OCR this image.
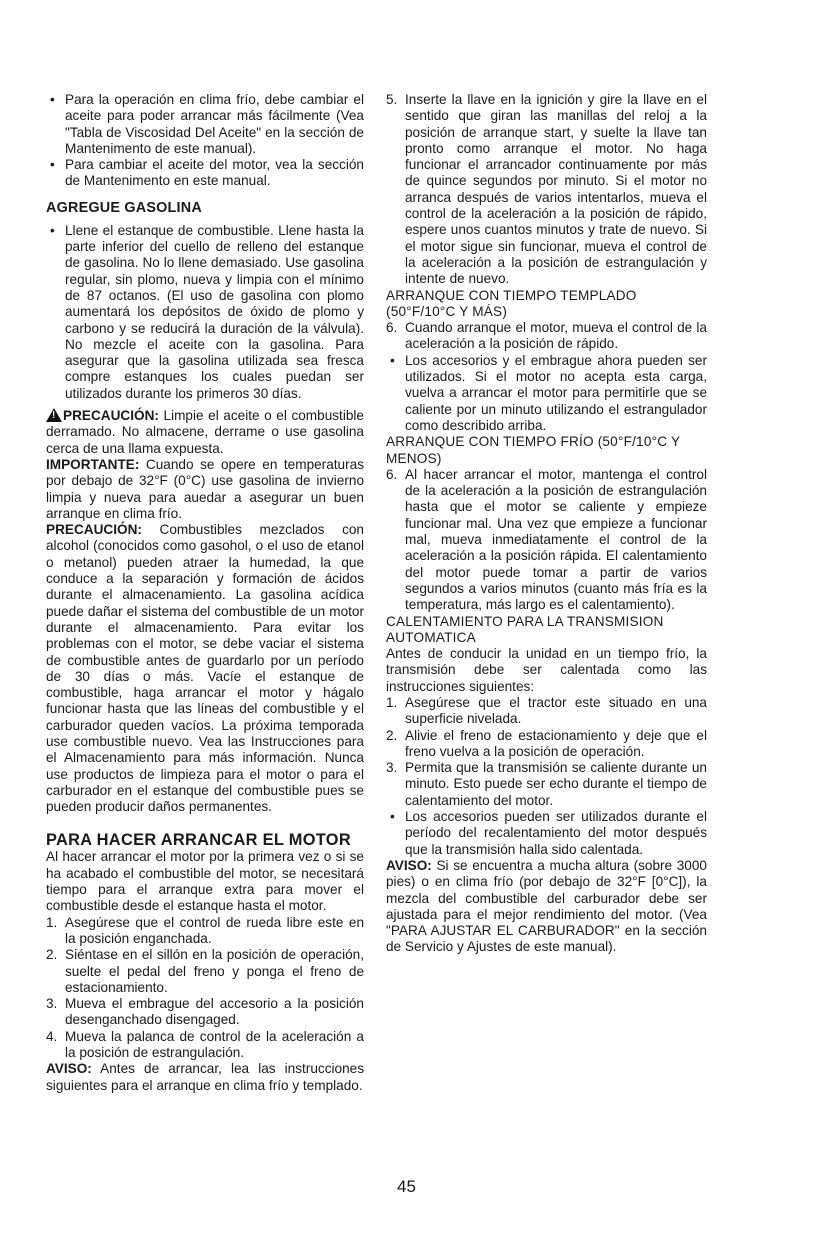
• Para la operación en clima frío, debe cambiar el aceite para poder arrancar más fácilmente (Vea "Tabla de Viscosidad Del Aceite" en la sección de Mantenimento de este manual).
• Para cambiar el aceite del motor, vea la sección de Mantenimento en este manual.
AGREGUE GASOLINA
• Llene el estanque de combustible. Llene hasta la parte inferior del cuello de relleno del estanque de gasolina. No lo llene demasiado. Use gasolina regular, sin plomo, nueva y limpia con el mínimo de 87 octanos. (El uso de gasolina con plomo aumentará los depósitos de óxido de plomo y carbono y se reducirá la duración de la válvula). No mezcle el aceite con la gasolina. Para asegurar que la gasolina utilizada sea fresca compre estanques los cuales puedan ser utilizados durante los primeros 30 días.

!PRECAUCIÓN: Limpie el aceite o el combustible derramado. No almacene, derrame o use gasolina cerca de una llama expuesta.

IMPORTANTE: Cuando se opere en temperaturas por debajo de 32°F (0°C) use gasolina de invierno limpia y nueva para auedar a asegurar un buen arranque en clima frío.

PRECAUCIÓN: Combustibles mezclados con alcohol (conocidos como gasohol, o el uso de etanol o metanol) pueden atraer la humedad, la que conduce a la separación y formación de ácidos durante el almacenamiento. La gasolina acídica puede dañar el sistema del combustible de un motor durante el almacenamiento. Para evitar los problemas con el motor, se debe vaciar el sistema de combustible antes de guardarlo por un período de 30 días o más. Vacíe el estanque de combustible, haga arrancar el motor y hágalo funcionar hasta que las líneas del combustible y el carburador queden vacíos. La próxima temporada use combustible nuevo. Vea las Instrucciones para el Almacenamiento para más información. Nunca use productos de limpieza para el motor o para el carburador en el estanque del combustible pues se pueden producir daños permanentes.

PARA HACER ARRANCAR EL MOTOR

Al hacer arrancar el motor por la primera vez o si se ha acabado el combustible del motor, se necesitará tiempo para el arranque extra para mover el combustible desde el estanque hasta el motor.

1. Asegúrese que el control de rueda libre este en la posición enganchada.
2. Siéntase en el sillón en la posición de operación, suelte el pedal del freno y ponga el freno de estacionamiento.
3. Mueva el embrague del accesorio a la posición desenganchado disengaged.
4. Mueva la palanca de control de la aceleración a la posición de estrangulación.

AVISO: Antes de arrancar, lea las instrucciones siguientes para el arranque en clima frío y templado.

5. Inserte la llave en la ignición y gire la llave en el sentido que giran las manillas del reloj a la posición de arranque start, y suelte la llave tan pronto como arranque el motor. No haga funcionar el arrancador continuamente por más de quince segundos por minuto. Si el motor no arranca después de varios intentarlos, mueva el control de la aceleración a la posición de rápido, espere unos cuantos minutos y trate de nuevo. Si el motor sigue sin funcionar, mueva el control de la aceleración a la posición de estrangulación y intente de nuevo.
ARRANQUE CON TIEMPO TEMPLADO (50°F/10°C Y MÁS)
6. Cuando arranque el motor, mueva el control de la aceleración a la posición de rápido.
• Los accesorios y el embrague ahora pueden ser utilizados. Si el motor no acepta esta carga, vuelva a arrancar el motor para permitirle que se caliente por un minuto utilizando el estrangulador como describido arriba.
ARRANQUE CON TIEMPO FRÍO (50°F/10°C Y MENOS)
6. Al hacer arrancar el motor, mantenga el control de la aceleración a la posición de estrangulación hasta que el motor se caliente y empieze funcionar mal. Una vez que empieze a funcionar mal, mueva inmediatamente el control de la aceleración a la posición rápida. El calentamiento del motor puede tomar a partir de varios segundos a varios minutos (cuanto más fría es la temperatura, más largo es el calentamiento).
CALENTAMIENTO PARA LA TRANSMISION AUTOMATICA

Antes de conducir la unidad en un tiempo frío, la transmisión debe ser calentada como las instrucciones siguientes:

1. Asegúrese que el tractor este situado en una superficie nivelada.
2. Alivie el freno de estacionamiento y deje que el freno vuelva a la posición de operación.
3. Permita que la transmisión se caliente durante un minuto. Esto puede ser echo durante el tiempo de calentamiento del motor.
• Los accesorios pueden ser utilizados durante el período del recalentamiento del motor después que la transmisión halla sido calentada.

AVISO: Si se encuentra a mucha altura (sobre 3000 pies) o en clima frío (por debajo de 32°F [0°C]), la mezcla del combustible del carburador debe ser ajustada para el mejor rendimiento del motor. (Vea "PARA AJUSTAR EL CARBURADOR" en la sección de Servicio y Ajustes de este manual).

45
